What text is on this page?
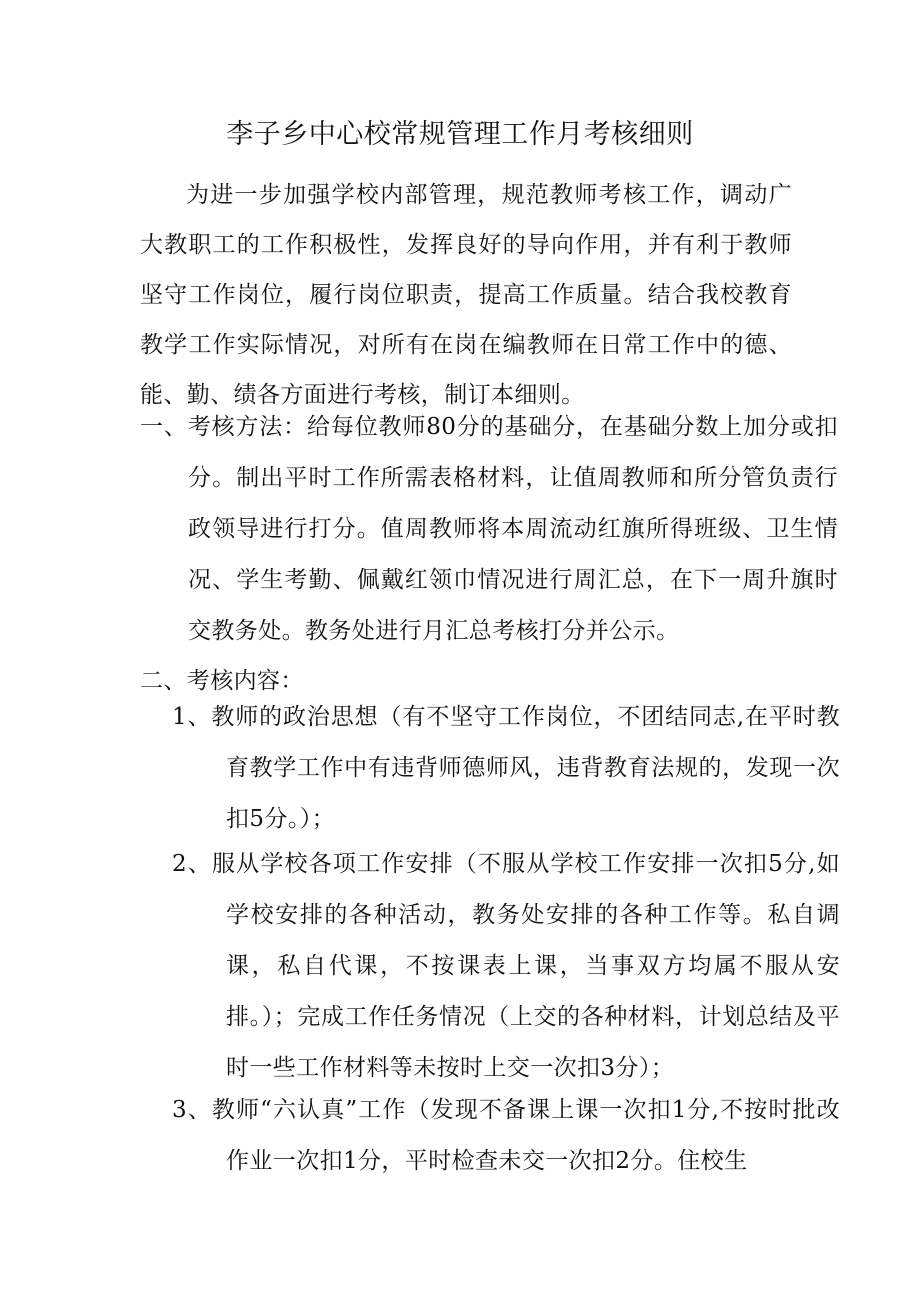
李子乡中心校常规管理工作月考核细则
为进一步加强学校内部管理，规范教师考核工作，调动广大教职工的工作积极性，发挥良好的导向作用，并有利于教师坚守工作岗位，履行岗位职责，提高工作质量。结合我校教育教学工作实际情况，对所有在岗在编教师在日常工作中的德、能、勤、绩各方面进行考核，制订本细则。
一、考核方法：给每位教师80分的基础分，在基础分数上加分或扣分。制出平时工作所需表格材料，让值周教师和所分管负责行政领导进行打分。值周教师将本周流动红旗所得班级、卫生情况、学生考勤、佩戴红领巾情况进行周汇总，在下一周升旗时交教务处。教务处进行月汇总考核打分并公示。
二、考核内容：
1、教师的政治思想（有不坚守工作岗位，不团结同志,在平时教育教学工作中有违背师德师风，违背教育法规的，发现一次扣5分。）；
2、服从学校各项工作安排（不服从学校工作安排一次扣5分,如学校安排的各种活动，教务处安排的各种工作等。私自调课，私自代课，不按课表上课，当事双方均属不服从安排。）；完成工作任务情况（上交的各种材料，计划总结及平时一些工作材料等未按时上交一次扣3分）；
3、教师“六认真”工作（发现不备课上课一次扣1分,不按时批改作业一次扣1分，平时检查未交一次扣2分。住校生
